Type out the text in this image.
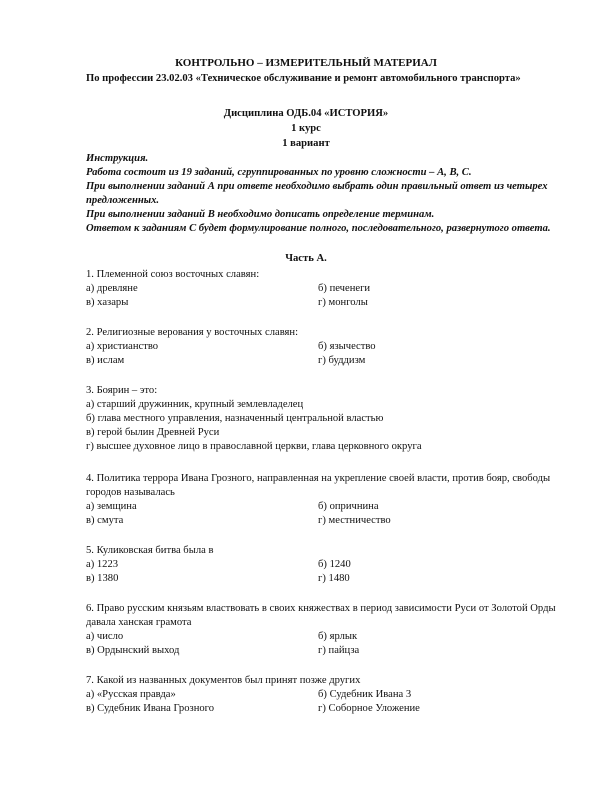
КОНТРОЛЬНО – ИЗМЕРИТЕЛЬНЫЙ МАТЕРИАЛ
По профессии 23.02.03 «Техническое обслуживание и ремонт автомобильного транспорта»
Дисциплина ОДБ.04 «ИСТОРИЯ»
1 курс
1 вариант
Инструкция.
Работа состоит из 19 заданий, сгруппированных по уровню сложности – А, В, С.
При выполнении заданий А при ответе необходимо выбрать один правильный ответ из четырех предложенных.
При выполнении заданий В необходимо дописать определение терминам.
Ответом к заданиям С будет формулирование полного, последовательного, развернутого ответа.
Часть А.
1. Племенной союз восточных славян:
а) древляне	б) печенеги
в) хазары	г) монголы
2. Религиозные верования у восточных славян:
а) христианство	б) язычество
в) ислам	г) буддизм
3. Боярин – это:
а) старший дружинник, крупный землевладелец
б) глава местного управления, назначенный центральной властью
в) герой былин Древней Руси
г) высшее духовное лицо в православной церкви, глава церковного округа
4. Политика террора Ивана Грозного, направленная на укрепление своей власти, против бояр, свободы городов называлась
а) земщина	б) опричнина
в) смута	г) местничество
5. Куликовская битва была в
а) 1223	б) 1240
в) 1380	г) 1480
6. Право русским князьям властвовать в своих княжествах в период зависимости Руси от Золотой Орды давала ханская грамота
а) число	б) ярлык
в) Ордынский выход	г) пайцза
7. Какой из названных документов был принят позже других
а) «Русская правда»	б) Судебник Ивана 3
в) Судебник Ивана Грозного	г) Соборное Уложение
